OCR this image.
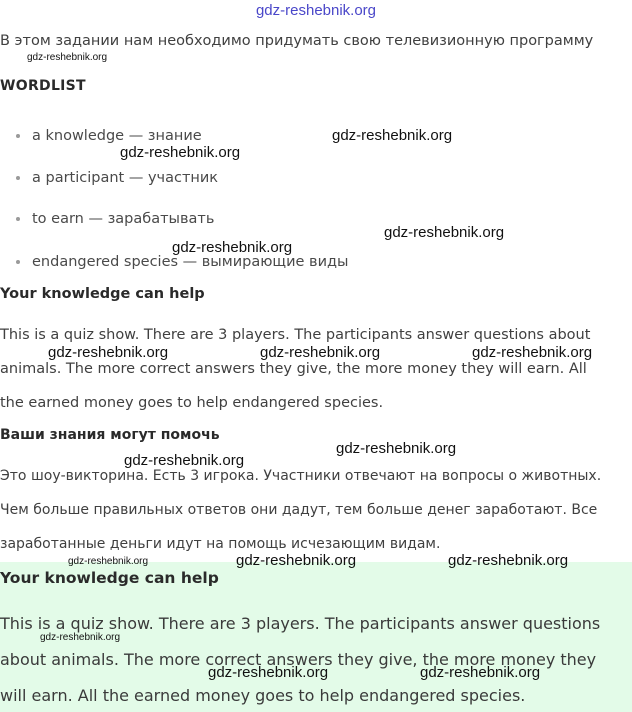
gdz-reshebnik.org
В этом задании нам необходимо придумать свою телевизионную программу
WORDLIST
a knowledge — знание
a participant — участник
to earn — зарабатывать
endangered species — вымирающие виды
Your knowledge can help
This is a quiz show. There are 3 players. The participants answer questions about
animals. The more correct answers they give, the more money they will earn. All
the earned money goes to help endangered species.
Ваши знания могут помочь
Это шоу-викторина. Есть 3 игрока. Участники отвечают на вопросы о животных.
Чем больше правильных ответов они дадут, тем больше денег заработают. Все
заработанные деньги идут на помощь исчезающим видам.
Your knowledge can help
This is a quiz show. There are 3 players. The participants answer questions
about animals. The more correct answers they give, the more money they
will earn. All the earned money goes to help endangered species.
gdz-reshebnik.org
gdz-reshebnik.org
gdz-reshebnik.org
gdz-reshebnik.org
gdz-reshebnik.org
gdz-reshebnik.org	gdz-reshebnik.org	gdz-reshebnik.org
gdz-reshebnik.org
gdz-reshebnik.org
gdz-reshebnik.org	gdz-reshebnik.org	gdz-reshebnik.org
gdz-reshebnik.org
gdz-reshebnik.org	gdz-reshebnik.org
